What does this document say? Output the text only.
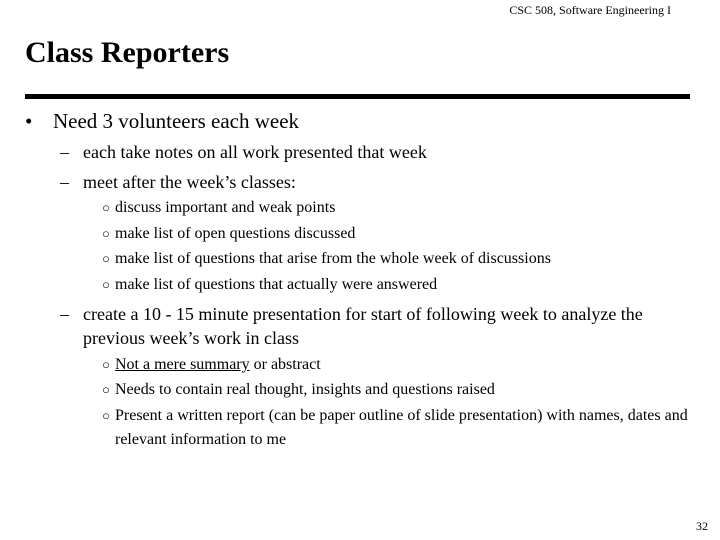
CSC 508, Software Engineering I
Class Reporters
• Need 3 volunteers each week
– each take notes on all work presented that week
– meet after the week’s classes:
○ discuss important and weak points
○ make list of open questions discussed
○ make list of questions that arise from the whole week of discussions
○ make list of questions that actually were answered
– create a 10 - 15 minute presentation for start of following week to analyze the previous week’s work in class
○ Not a mere summary or abstract
○ Needs to contain real thought, insights and questions raised
○ Present a written report (can be paper outline of slide presentation) with names, dates and relevant information to me
32
